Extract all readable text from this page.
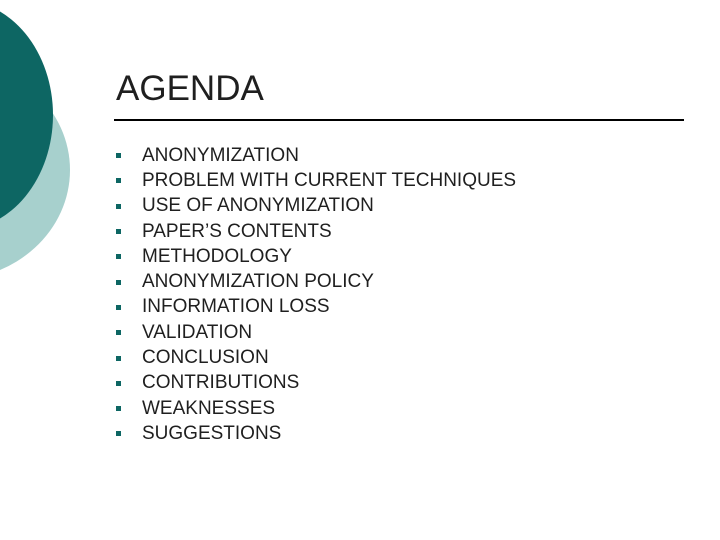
AGENDA
ANONYMIZATION
PROBLEM WITH CURRENT TECHNIQUES
USE OF ANONYMIZATION
PAPER’S CONTENTS
METHODOLOGY
ANONYMIZATION POLICY
INFORMATION LOSS
VALIDATION
CONCLUSION
CONTRIBUTIONS
WEAKNESSES
SUGGESTIONS
